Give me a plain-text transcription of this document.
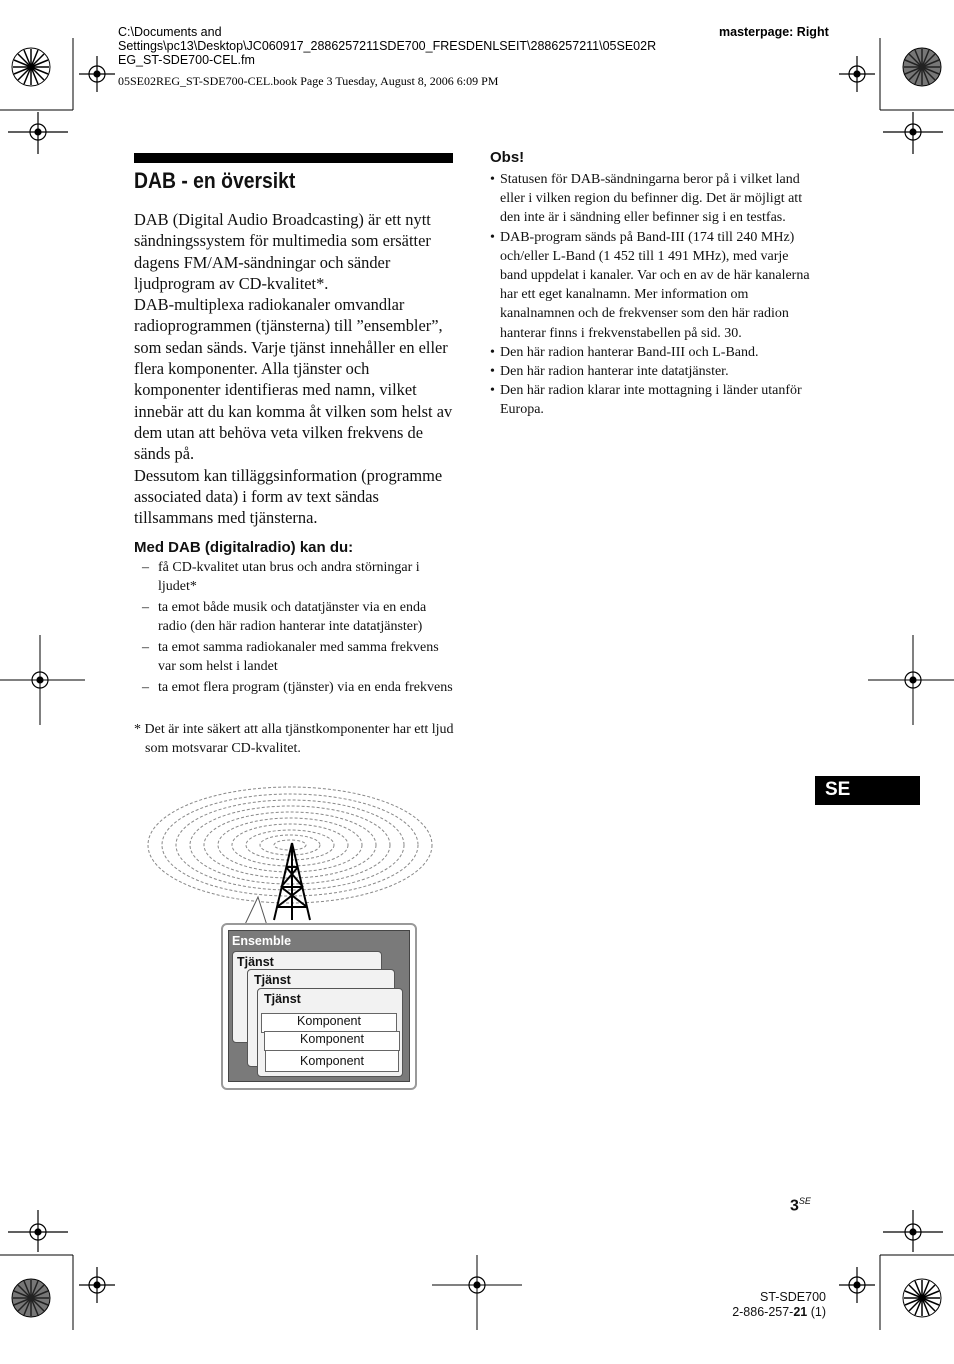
C:\Documents and
Settings\pc13\Desktop\JC060917_2886257211SDE700_FRESDENLSEIT\2886257211\05SE02R
EG_ST-SDE700-CEL.fm
masterpage: Right
05SE02REG_ST-SDE700-CEL.book Page 3 Tuesday, August 8, 2006 6:09 PM
DAB - en översikt

DAB (Digital Audio Broadcasting) är ett nytt sändningssystem för multimedia som ersätter dagens FM/AM-sändningar och sänder ljudprogram av CD-kvalitet*.

DAB-multiplexa radiokanaler omvandlar radioprogrammen (tjänsterna) till ”ensembler”, som sedan sänds. Varje tjänst innehåller en eller flera komponenter. Alla tjänster och komponenter identifieras med namn, vilket innebär att du kan komma åt vilken som helst av dem utan att behöva veta vilken frekvens de sänds på.

Dessutom kan tilläggsinformation (programme associated data) i form av text sändas tillsammans med tjänsterna.

Med DAB (digitalradio) kan du:
– få CD-kvalitet utan brus och andra störningar i ljudet*
– ta emot både musik och datatjänster via en enda radio (den här radion hanterar inte datatjänster)
– ta emot samma radiokanaler med samma frekvens var som helst i landet
– ta emot flera program (tjänster) via en enda frekvens
* Det är inte säkert att alla tjänstkomponenter har ett ljud som motsvarar CD-kvalitet.
Obs!
• Statusen för DAB-sändningarna beror på i vilket land eller i vilken region du befinner dig. Det är möjligt att den inte är i sändning eller befinner sig i en testfas.
• DAB-program sänds på Band-III (174 till 240 MHz) och/eller L-Band (1 452 till 1 491 MHz), med varje band uppdelat i kanaler. Var och en av de här kanalerna har ett eget kanalnamn. Mer information om kanalnamnen och de frekvenser som den här radion hanterar finns i frekvenstabellen på sid. 30.
• Den här radion hanterar Band-III och L-Band.
• Den här radion hanterar inte datatjänster.
• Den här radion klarar inte mottagning i länder utanför Europa.
SE
Ensemble
Tjänst
Tjänst
Tjänst
Komponent
Komponent
Komponent
$3^{SE}$
ST-SDE700
2-886-257-21 (1)
